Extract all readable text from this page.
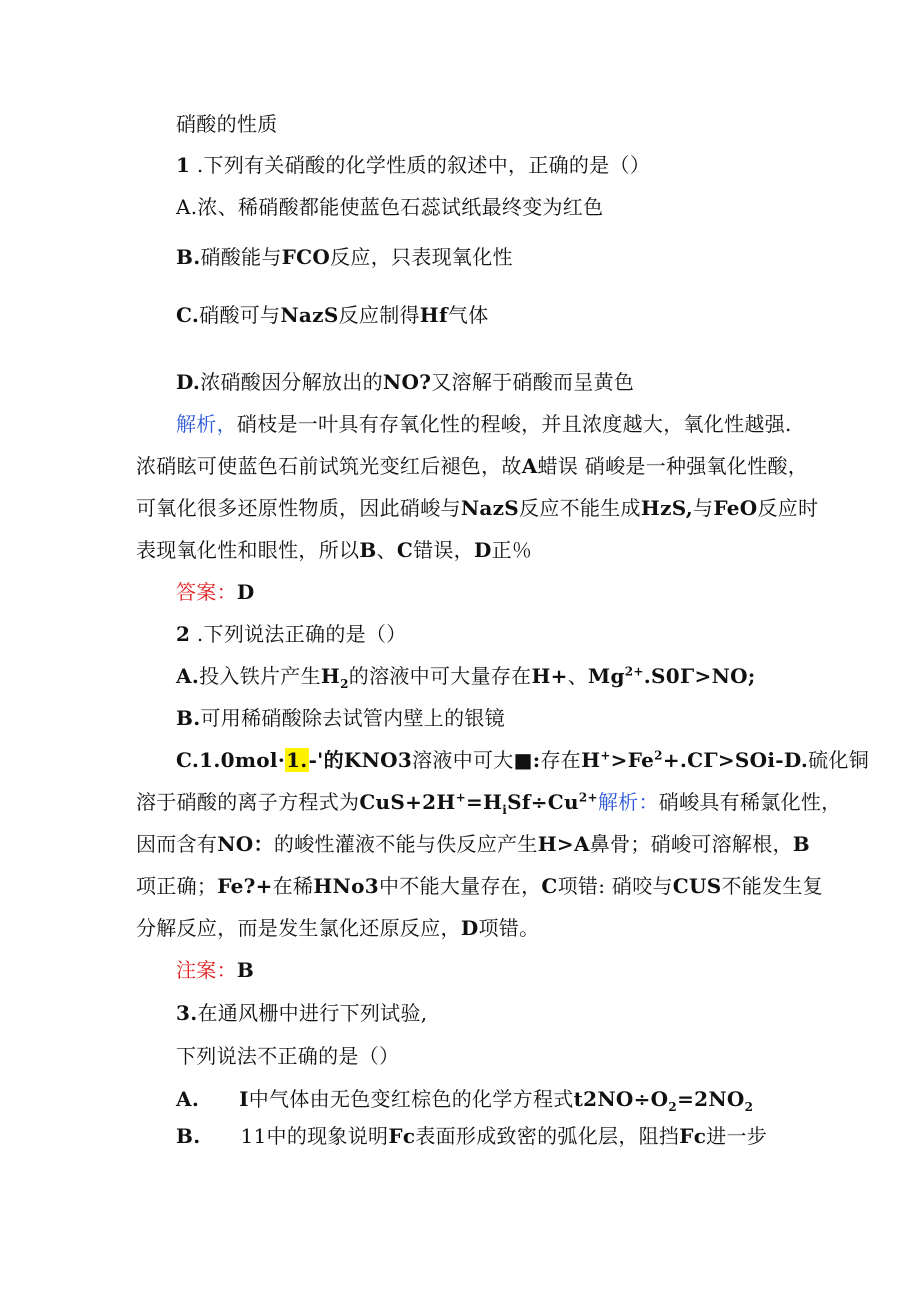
硝酸的性质
1 .下列有关硝酸的化学性质的叙述中，正确的是（）
A.浓、稀硝酸都能使蓝色石蕊试纸最终变为红色
B.硝酸能与FCO反应，只表现氧化性
C.硝酸可与NazS反应制得Hf气体
D.浓硝酸因分解放出的NO?又溶解于硝酸而呈黄色
解析，硝枝是一叶具有存氧化性的程峻，并且浓度越大，氧化性越强.
浓硝眩可使蓝色石前试筑光变红后褪色，故A蜡误 硝峻是一种强氧化性酸，
可氧化很多还原性物质，因此硝峻与NazS反应不能生成HzS,与FeO反应时
表现氧化性和眼性，所以B、C错误，D正％
答案：D
2 .下列说法正确的是（）
A.投入铁片产生$H_2$的溶液中可大量存在H+、$Mg^{2+}.S0\Gamma>NO$;
B.可用稀硝酸除去试管内壁上的银镜
C.1.0mol·1.-'的KNO3溶液中可大■:存在$H^+>Fe^2+.C\Gamma>SOi-D$.硫化铜
溶于硝酸的离子方程式为$CuS+2H^+=H_iSf\div Cu^{2+}$解析：硝峻具有稀氯化性，
因而含有NO：的峻性灌液不能与佚反应产生H>A鼻骨；硝峻可溶解根，B
项正确；Fe?+在稀HNo3中不能大量存在，C项错: 硝咬与CUS不能发生复
分解反应，而是发生氯化还原反应，D项错。
注案：B
3.在通风栅中进行下列试验,
下列说法不正确的是（）
A. I中气体由无色变红棕色的化学方程式$t2NO\div O_2=2NO_2$
B. 11中的现象说明Fc表面形成致密的弧化层，阻挡Fc进一步
